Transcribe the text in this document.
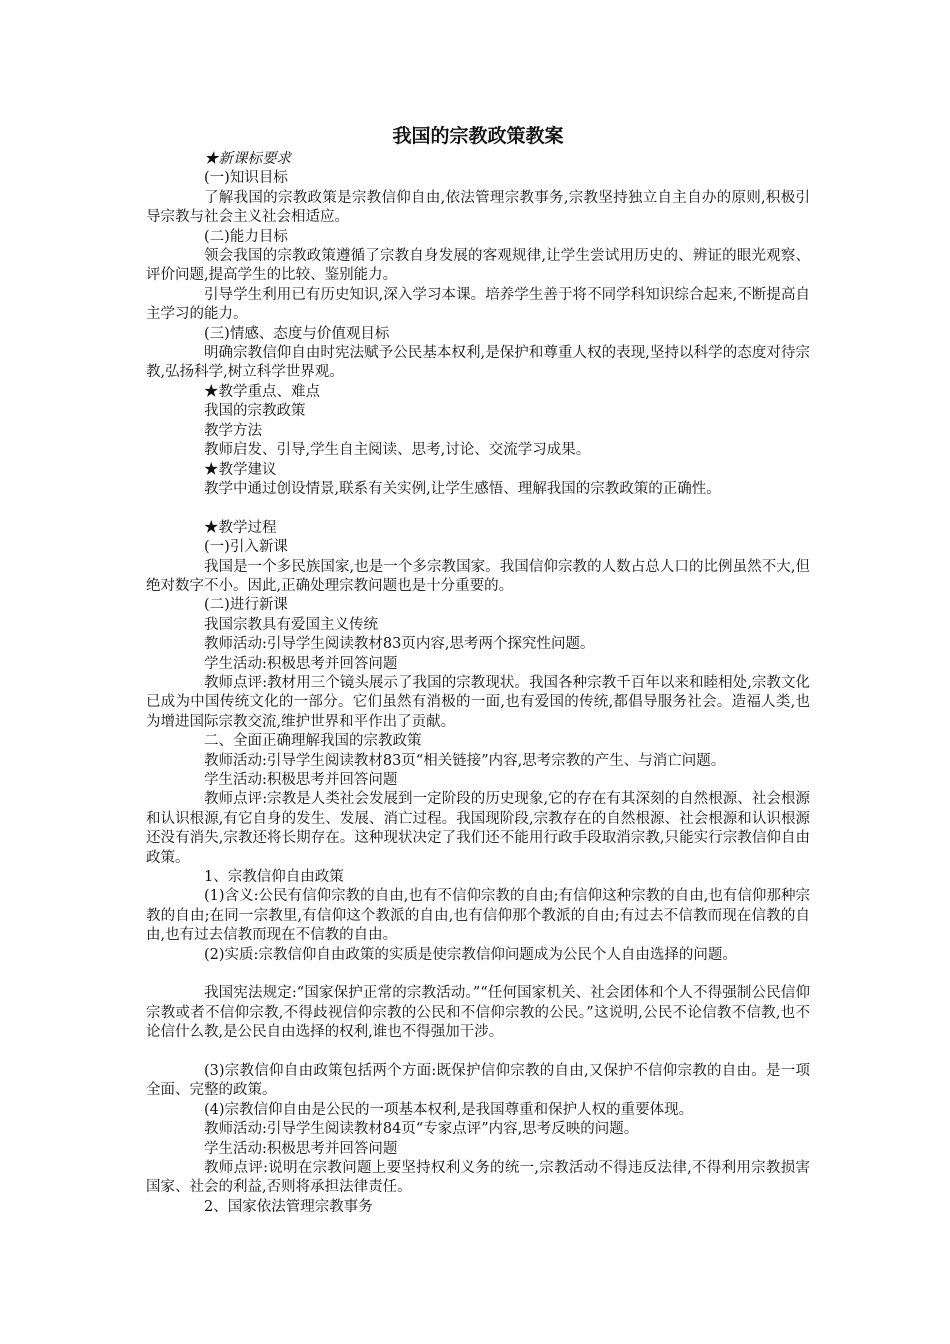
我国的宗教政策教案

★新课标要求

(一)知识目标

了解我国的宗教政策是宗教信仰自由,依法管理宗教事务,宗教坚持独立自主自办的原则,积极引导宗教与社会主义社会相适应。

(二)能力目标

领会我国的宗教政策遵循了宗教自身发展的客观规律,让学生尝试用历史的、辨证的眼光观察、评价问题,提高学生的比较、鉴别能力。

引导学生利用已有历史知识,深入学习本课。培养学生善于将不同学科知识综合起来,不断提高自主学习的能力。

(三)情感、态度与价值观目标

明确宗教信仰自由时宪法赋予公民基本权利,是保护和尊重人权的表现,坚持以科学的态度对待宗教,弘扬科学,树立科学世界观。

★教学重点、难点

我国的宗教政策

教学方法

教师启发、引导,学生自主阅读、思考,讨论、交流学习成果。

★教学建议

教学中通过创设情景,联系有关实例,让学生感悟、理解我国的宗教政策的正确性。

★教学过程

(一)引入新课

我国是一个多民族国家,也是一个多宗教国家。我国信仰宗教的人数占总人口的比例虽然不大,但绝对数字不小。因此,正确处理宗教问题也是十分重要的。

(二)进行新课

我国宗教具有爱国主义传统

教师活动:引导学生阅读教材83页内容,思考两个探究性问题。

学生活动:积极思考并回答问题

教师点评:教材用三个镜头展示了我国的宗教现状。我国各种宗教千百年以来和睦相处,宗教文化已成为中国传统文化的一部分。它们虽然有消极的一面,也有爱国的传统,都倡导服务社会。造福人类,也为增进国际宗教交流,维护世界和平作出了贡献。

二、全面正确理解我国的宗教政策

教师活动:引导学生阅读教材83页“相关链接”内容,思考宗教的产生、与消亡问题。

学生活动:积极思考并回答问题

教师点评:宗教是人类社会发展到一定阶段的历史现象,它的存在有其深刻的自然根源、社会根源和认识根源,有它自身的发生、发展、消亡过程。我国现阶段,宗教存在的自然根源、社会根源和认识根源还没有消失,宗教还将长期存在。这种现状决定了我们还不能用行政手段取消宗教,只能实行宗教信仰自由政策。

1、宗教信仰自由政策

(1)含义:公民有信仰宗教的自由,也有不信仰宗教的自由;有信仰这种宗教的自由,也有信仰那种宗教的自由;在同一宗教里,有信仰这个教派的自由,也有信仰那个教派的自由;有过去不信教而现在信教的自由,也有过去信教而现在不信教的自由。

(2)实质:宗教信仰自由政策的实质是使宗教信仰问题成为公民个人自由选择的问题。

我国宪法规定:“国家保护正常的宗教活动。”“任何国家机关、社会团体和个人不得强制公民信仰宗教或者不信仰宗教,不得歧视信仰宗教的公民和不信仰宗教的公民。”这说明,公民不论信教不信教,也不论信什么教,是公民自由选择的权利,谁也不得强加干涉。

(3)宗教信仰自由政策包括两个方面:既保护信仰宗教的自由,又保护不信仰宗教的自由。是一项全面、完整的政策。

(4)宗教信仰自由是公民的一项基本权利,是我国尊重和保护人权的重要体现。

教师活动:引导学生阅读教材84页“专家点评”内容,思考反映的问题。

学生活动:积极思考并回答问题

教师点评:说明在宗教问题上要坚持权利义务的统一,宗教活动不得违反法律,不得利用宗教损害国家、社会的利益,否则将承担法律责任。

2、国家依法管理宗教事务
